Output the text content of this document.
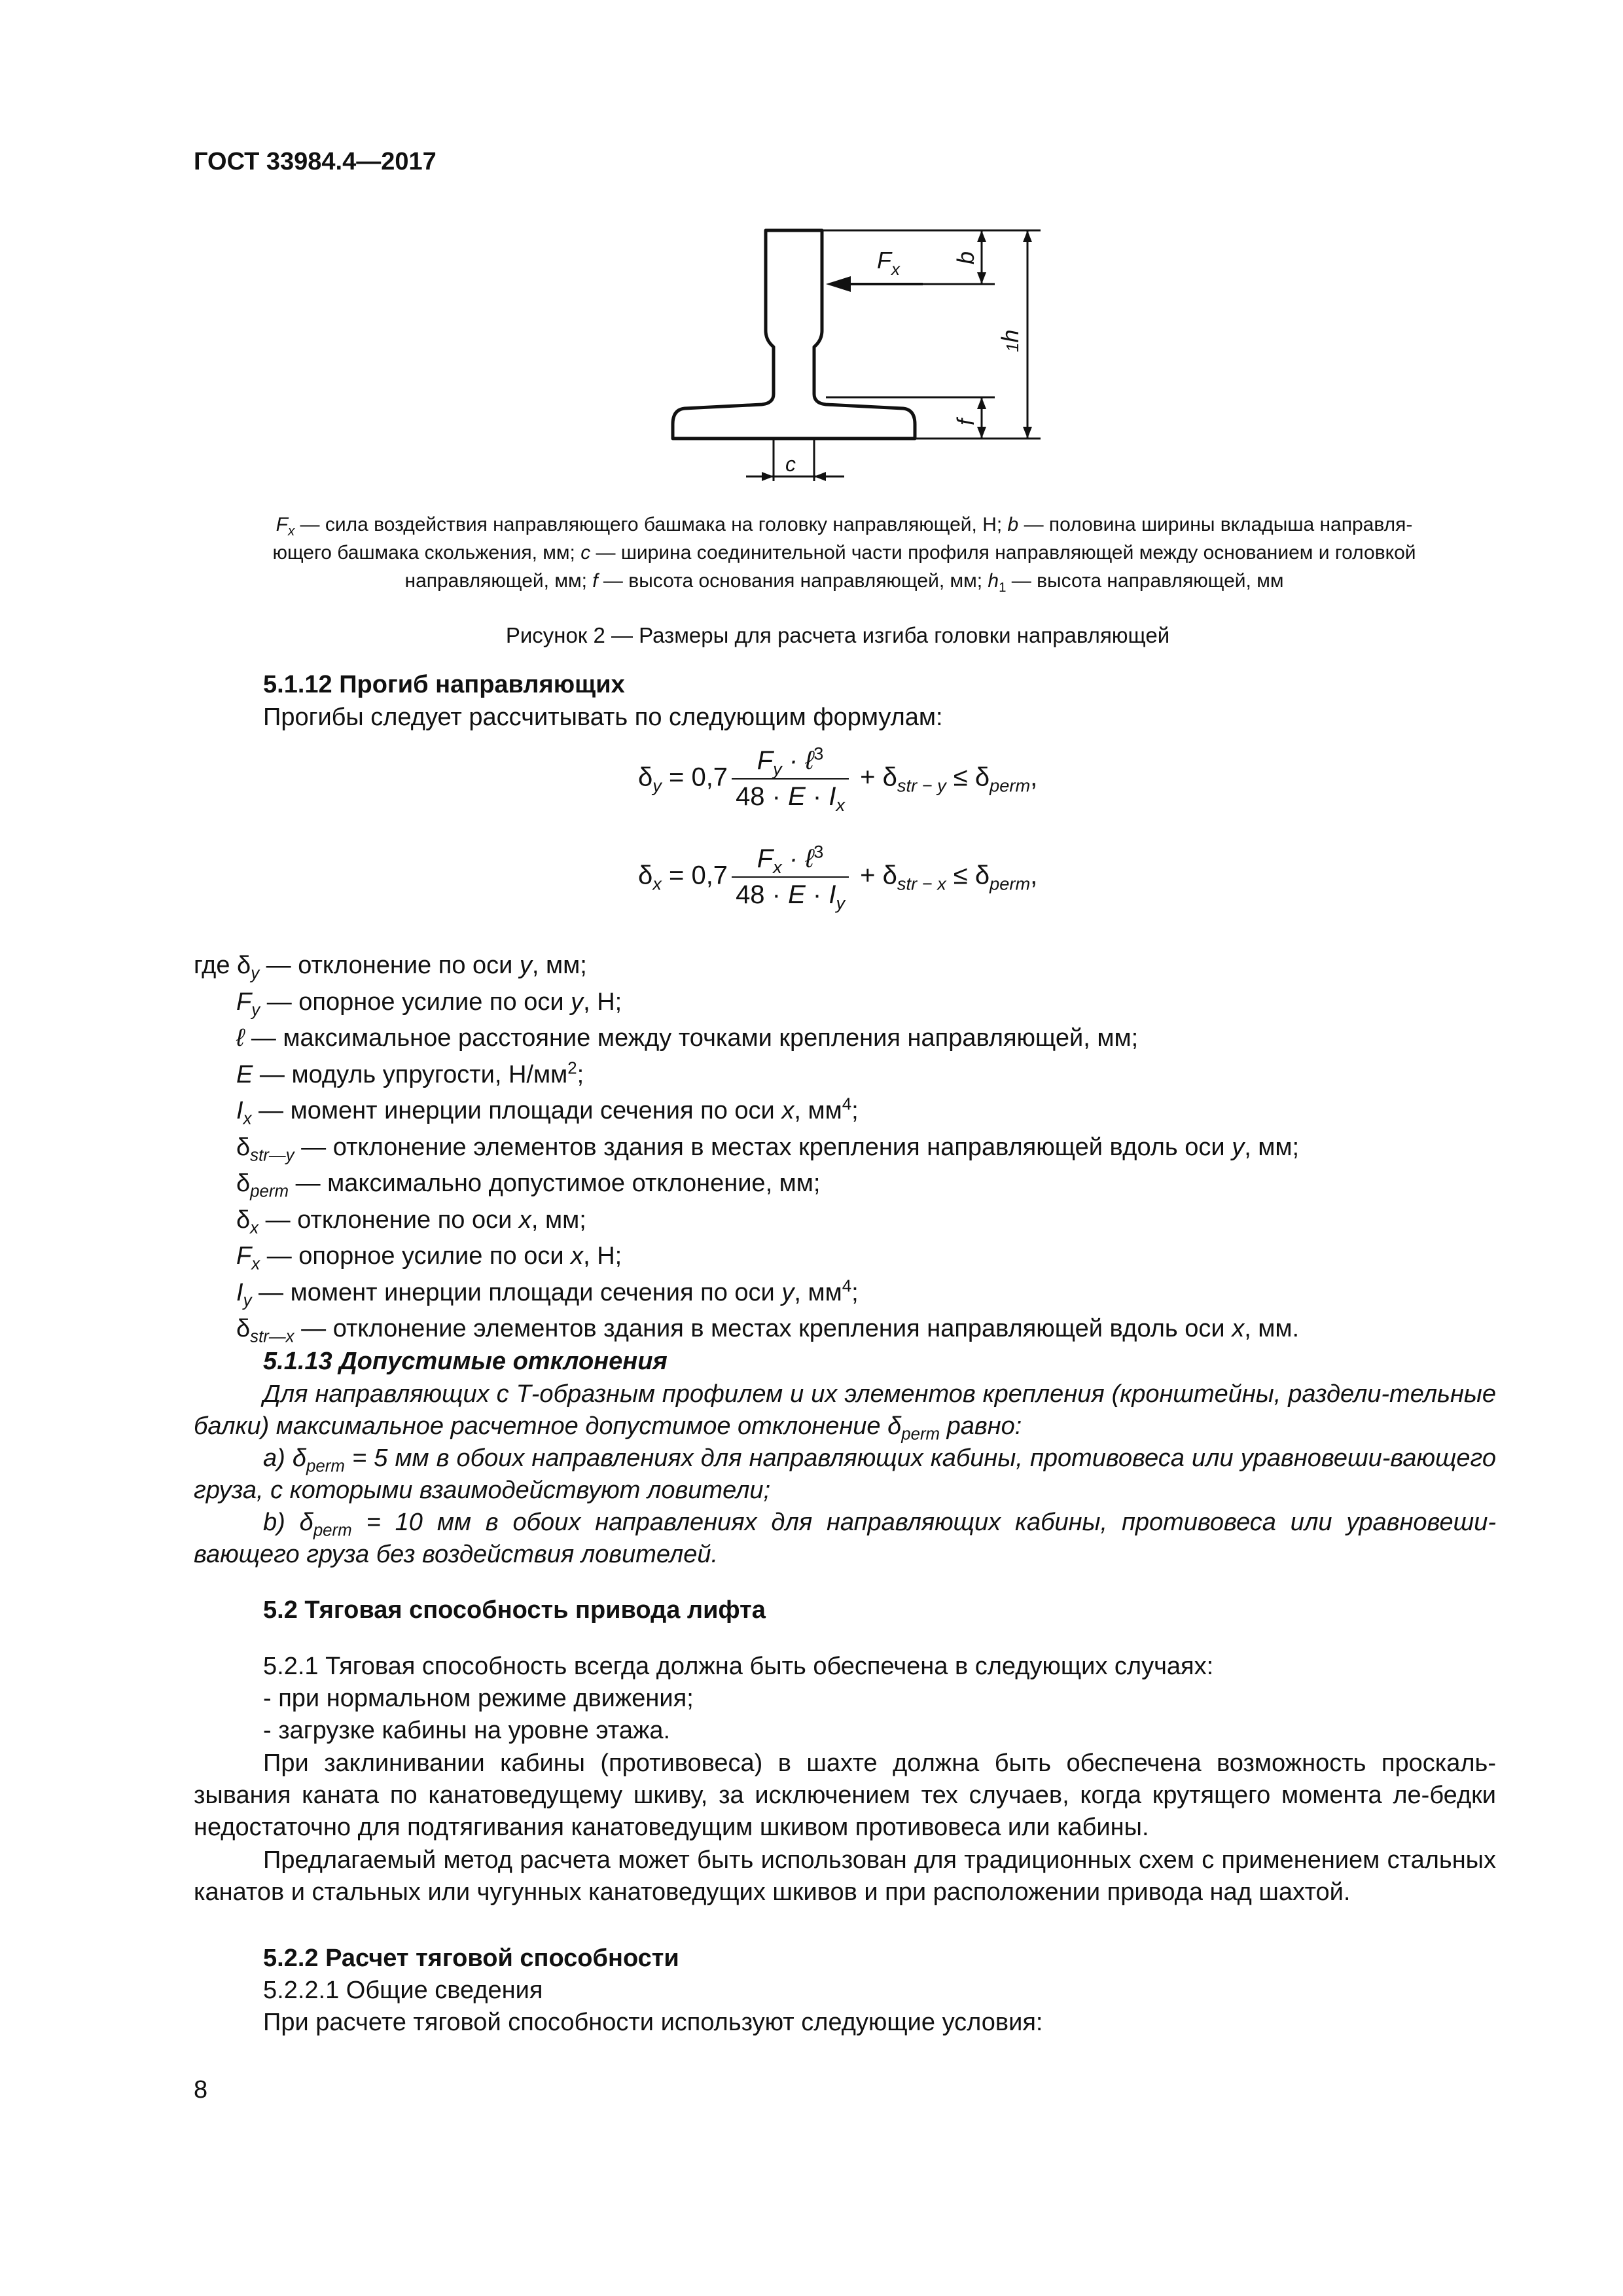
ГОСТ 33984.4—2017
$F_x$
b
1h
f
c
$F_x$ — сила воздействия направляющего башмака на головку направляющей, Н; b — половина ширины вкладыша направля-
ющего башмака скольжения, мм; c — ширина соединительной части профиля направляющей между основанием и головкой
направляющей, мм; f — высота основания направляющей, мм; $h_1$ — высота направляющей, мм
Рисунок 2 — Размеры для расчета изгиба головки направляющей
5.1.12 Прогиб направляющих
Прогибы следует рассчитывать по следующим формулам:
$\delta_y = 0,7 \frac{F_y \cdot \ell^3}{48 \cdot E \cdot I_x} + \delta_{str - y} \le \delta_{perm}$,
$\delta_x = 0,7 \frac{F_x \cdot \ell^3}{48 \cdot E \cdot I_y} + \delta_{str - x} \le \delta_{perm}$,
где $\delta_y$ — отклонение по оси y, мм;
$F_y$ — опорное усилие по оси y, Н;
ℓ — максимальное расстояние между точками крепления направляющей, мм;
E — модуль упругости, $Н/мм^2$;
$I_x$ — момент инерции площади сечения по оси x, $мм^4$;
$\delta_{str—y}$ — отклонение элементов здания в местах крепления направляющей вдоль оси y, мм;
$\delta_{perm}$ — максимально допустимое отклонение, мм;
$\delta_x$ — отклонение по оси x, мм;
$F_x$ — опорное усилие по оси x, Н;
$I_y$ — момент инерции площади сечения по оси y, $мм^4$;
$\delta_{str—x}$ — отклонение элементов здания в местах крепления направляющей вдоль оси x, мм.
5.1.13 Допустимые отклонения
Для направляющих с Т-образным профилем и их элементов крепления (кронштейны, раздели-тельные балки) максимальное расчетное допустимое отклонение $\delta_{perm}$ равно:
a) $\delta_{perm} = 5$ мм в обоих направлениях для направляющих кабины, противовеса или уравновеши-вающего груза, с которыми взаимодействуют ловители;
b) $\delta_{perm} = 10$ мм в обоих направлениях для направляющих кабины, противовеса или уравновеши-вающего груза без воздействия ловителей.
5.2 Тяговая способность привода лифта
5.2.1 Тяговая способность всегда должна быть обеспечена в следующих случаях:
- при нормальном режиме движения;
- загрузке кабины на уровне этажа.
При заклинивании кабины (противовеса) в шахте должна быть обеспечена возможность проскаль-зывания каната по канатоведущему шкиву, за исключением тех случаев, когда крутящего момента ле-бедки недостаточно для подтягивания канатоведущим шкивом противовеса или кабины.
Предлагаемый метод расчета может быть использован для традиционных схем с применением стальных канатов и стальных или чугунных канатоведущих шкивов и при расположении привода над шахтой.
5.2.2 Расчет тяговой способности
5.2.2.1 Общие сведения
При расчете тяговой способности используют следующие условия:
8
